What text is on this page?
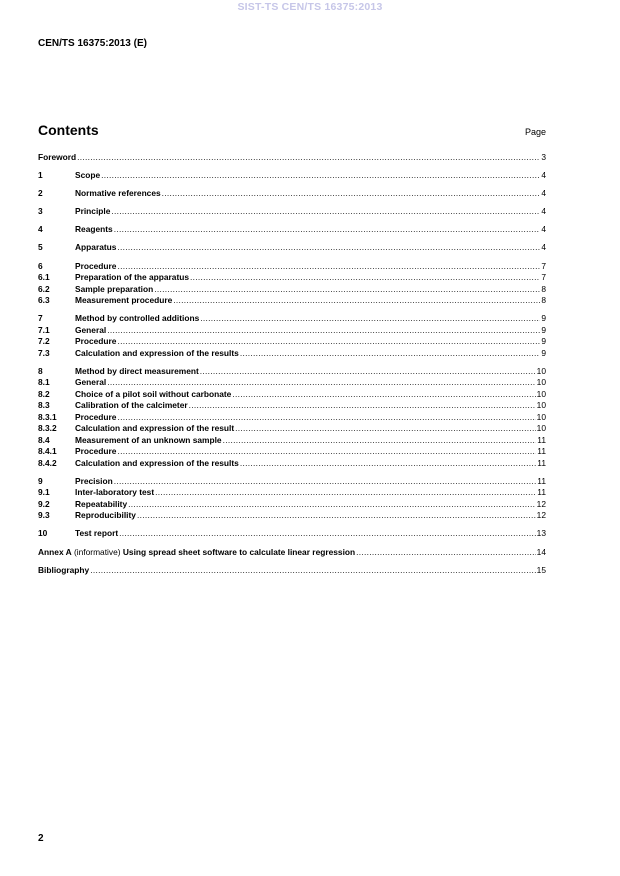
SIST-TS CEN/TS 16375:2013
CEN/TS 16375:2013 (E)
Contents	Page
Foreword .....	3
1	Scope .....	4
2	Normative references .....	4
3	Principle .....	4
4	Reagents .....	4
5	Apparatus .....	4
6	Procedure .....	7
6.1	Preparation of the apparatus .....	7
6.2	Sample preparation .....	8
6.3	Measurement procedure .....	8
7	Method by controlled additions .....	9
7.1	General .....	9
7.2	Procedure .....	9
7.3	Calculation and expression of the results .....	9
8	Method by direct measurement .....	10
8.1	General .....	10
8.2	Choice of a pilot soil without carbonate .....	10
8.3	Calibration of the calcimeter .....	10
8.3.1	Procedure .....	10
8.3.2	Calculation and expression of the result .....	10
8.4	Measurement of an unknown sample .....	11
8.4.1	Procedure .....	11
8.4.2	Calculation and expression of the results .....	11
9	Precision .....	11
9.1	Inter-laboratory test .....	11
9.2	Repeatability .....	12
9.3	Reproducibility .....	12
10	Test report .....	13
Annex A (informative) Using spread sheet software to calculate linear regression .....	14
Bibliography .....	15
2
